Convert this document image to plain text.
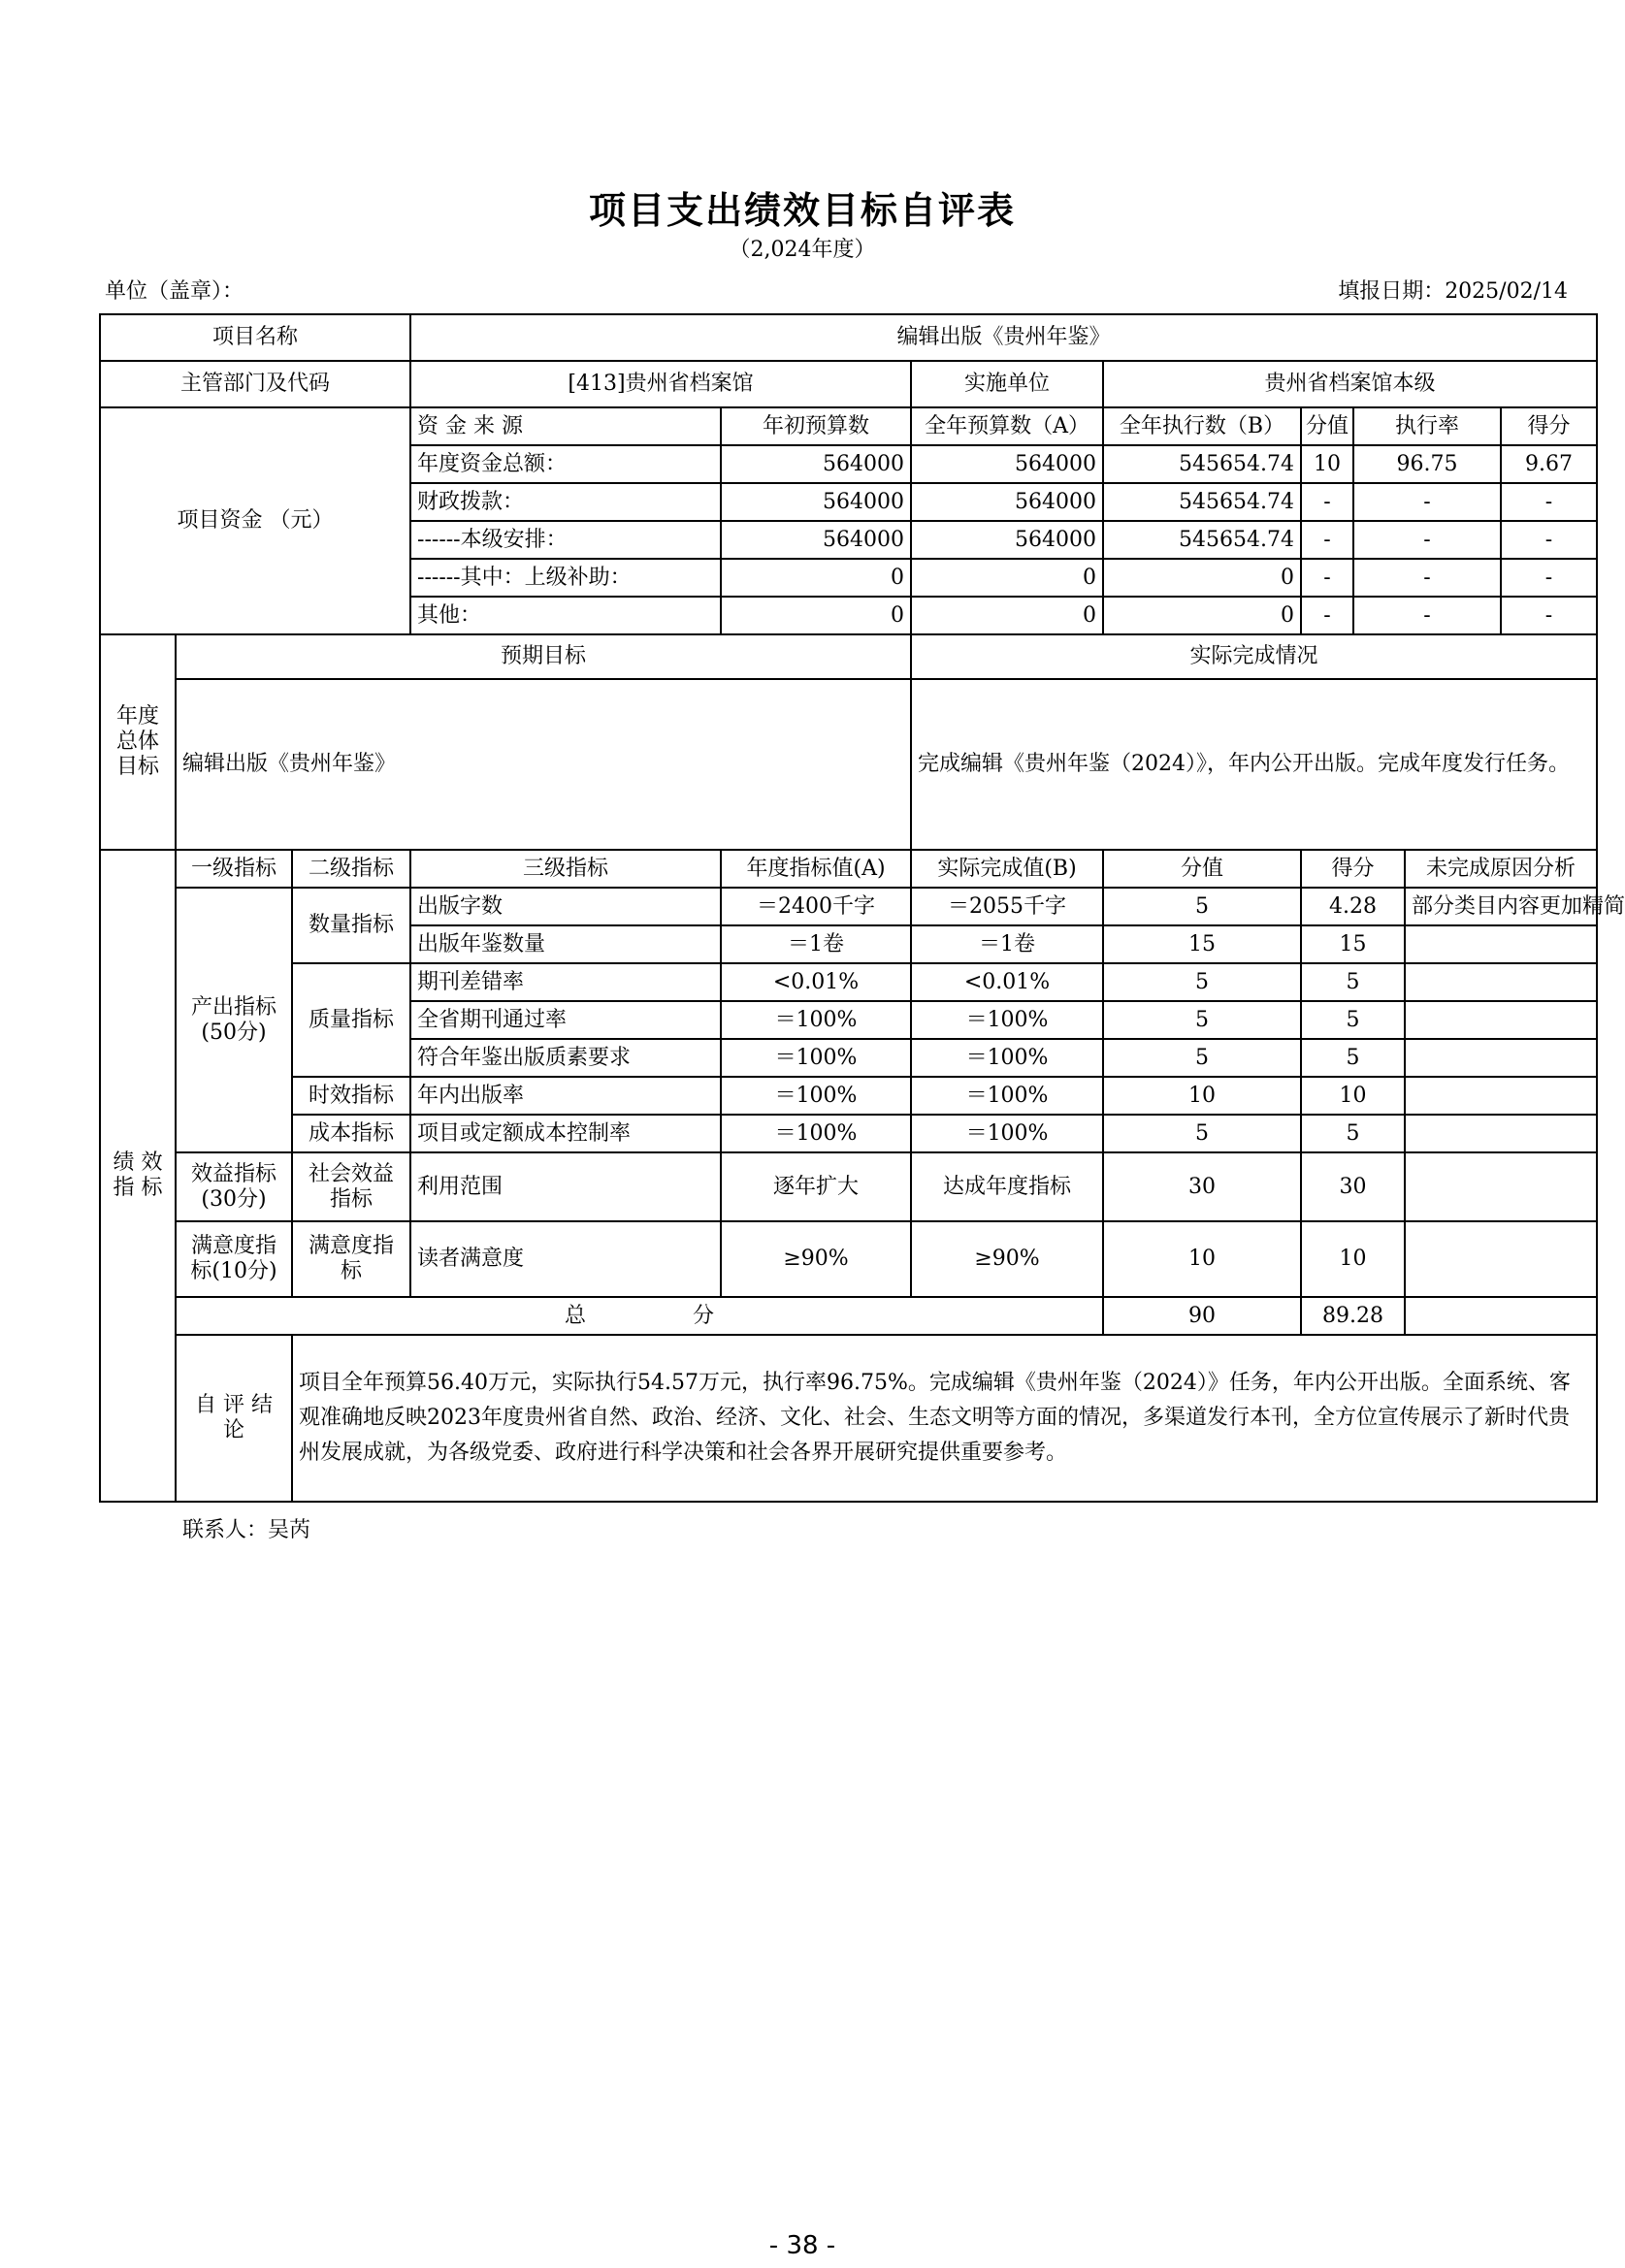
项目支出绩效目标自评表
（2,024年度）
单位（盖章）：	填报日期：2025/02/14
项目名称			编辑出版《贵州年鉴》							
主管部门及代码			[413]贵州省档案馆		实施单位	贵州省档案馆本级				
项目资金 （元）			资 金 来 源	年初预算数	全年预算数（A）	全年执行数（B）	分值	执行率		得分
			年度资金总额：	564000	564000	545654.74	10	96.75		9.67
			财政拨款：	564000	564000	545654.74	-	-		-
			------本级安排：	564000	564000	545654.74	-	-		-
			------其中：上级补助：	0	0	0	-	-		-
			其他：	0	0	0	-	-		-
年度 总体 目标	预期目标				实际完成情况					
	编辑出版《贵州年鉴》				完成编辑《贵州年鉴（2024）》，年内公开出版。完成年度发行任务。					
绩 效 指 标	一级指标	二级指标	三级指标	年度指标值(A)	实际完成值(B)	分值	得分		未完成原因分析	
	产出指标 (50分)	数量指标	出版字数	＝2400千字	＝2055千字	5	4.28		部分类目内容更加精简	
			出版年鉴数量	＝1卷	＝1卷	15	15			
		质量指标	期刊差错率	<0.01%	<0.01%	5	5			
			全省期刊通过率	＝100%	＝100%	5	5			
			符合年鉴出版质素要求	＝100%	＝100%	5	5			
		时效指标	年内出版率	＝100%	＝100%	10	10			
		成本指标	项目或定额成本控制率	＝100%	＝100%	5	5			
	效益指标 (30分)	社会效益 指标	利用范围	逐年扩大	达成年度指标	30	30			
	满意度指 标(10分)	满意度指 标	读者满意度	≥90%	≥90%	10	10			
	总　　　　　分					90	89.28			
	自 评 结 论	项目全年预算56.40万元，实际执行54.57万元，执行率96.75%。完成编辑《贵州年鉴（2024）》任务，年内公开出版。全面系统、客观准确地反映2023年度贵州省自然、政治、经济、文化、社会、生态文明等方面的情况，多渠道发行本刊，全方位宣传展示了新时代贵州发展成就，为各级党委、政府进行科学决策和社会各界开展研究提供重要参考。								
联系人：吴芮
- 38 -
